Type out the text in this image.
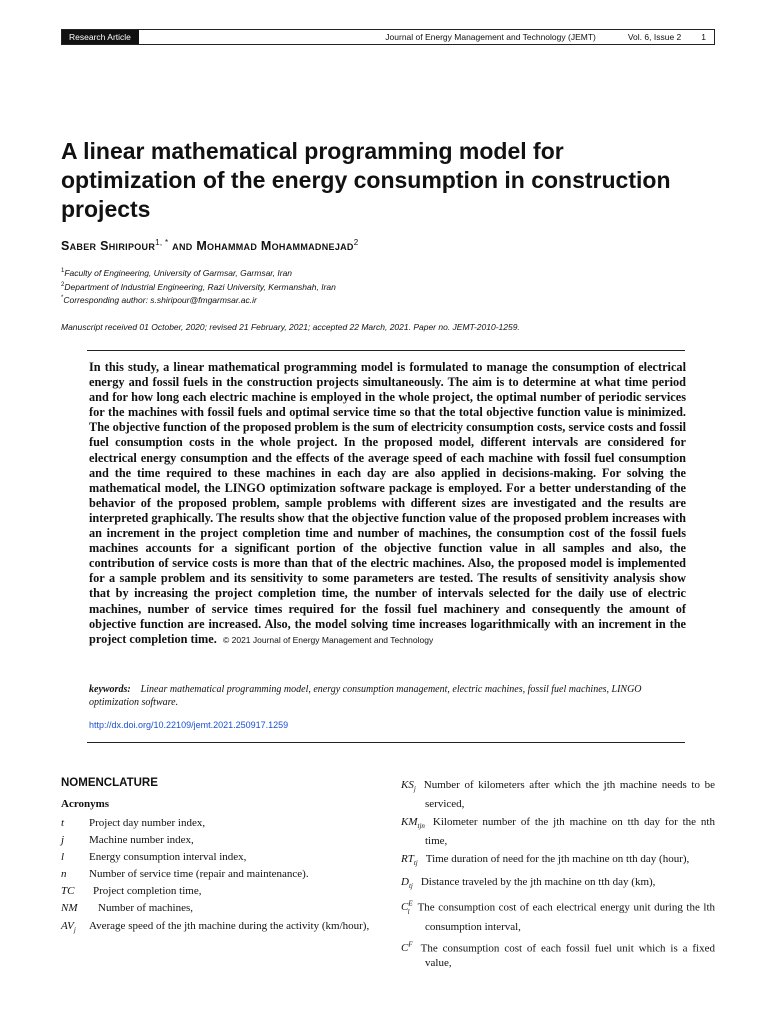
Research Article	Journal of Energy Management and Technology (JEMT)	Vol. 6, Issue 2 1
A linear mathematical programming model for optimization of the energy consumption in construction projects
Saber Shiripour$^{1, *}$ and Mohammad Mohammadnejad$^2$
$^1$Faculty of Engineering, University of Garmsar, Garmsar, Iran
$^2$Department of Industrial Engineering, Razi University, Kermanshah, Iran
*Corresponding author: s.shiripour@fmgarmsar.ac.ir
Manuscript received 01 October, 2020; revised 21 February, 2021; accepted 22 March, 2021. Paper no. JEMT-2010-1259.

In this study, a linear mathematical programming model is formulated to manage the consumption of electrical energy and fossil fuels in the construction projects simultaneously. The aim is to determine at what time period and for how long each electric machine is employed in the whole project, the optimal number of periodic services for the machines with fossil fuels and optimal service time so that the total objective function value is minimized. The objective function of the proposed problem is the sum of electricity consumption costs, service costs and fossil fuel consumption costs in the whole project. In the proposed model, different intervals are considered for electrical energy consumption and the effects of the average speed of each machine with fossil fuel consumption and the time required to these machines in each day are also applied in decisions-making. For solving the mathematical model, the LINGO optimization software package is employed. For a better understanding of the behavior of the proposed problem, sample problems with different sizes are investigated and the results are interpreted graphically. The results show that the objective function value of the proposed problem increases with an increment in the project completion time and number of machines, the consumption cost of the fossil fuels machines accounts for a significant portion of the objective function value in all samples and also, the contribution of service costs is more than that of the electric machines. Also, the proposed model is implemented for a sample problem and its sensitivity to some parameters are tested. The results of sensitivity analysis show that by increasing the project completion time, the number of intervals selected for the daily use of electric machines, number of service times required for the fossil fuel machinery and consequently the amount of objective function are increased. Also, the model solving time increases logarithmically with an increment in the project completion time. © 2021 Journal of Energy Management and Technology

keywords: Linear mathematical programming model, energy consumption management, electric machines, fossil fuel machines, LINGO optimization software.
http://dx.doi.org/10.22109/jemt.2021.250917.1259
NOMENCLATURE
Acronyms
t	Project day number index,
j	Machine number index,
l	Energy consumption interval index,
n	Number of service time (repair and maintenance).
TC	Project completion time,
NM	Number of machines,
$AV_j$	Average speed of the jth machine during the activity (km/hour),
$KS_j$ Number of kilometers after which the jth machine needs to be serviced,
$KM_{tjn}$ Kilometer number of the jth machine on tth day for the nth time,
$RT_{tj}$ Time duration of need for the jth machine on tth day (hour),
$D_{tj}$ Distance traveled by the jth machine on tth day (km),
$C^E_l$ The consumption cost of each electrical energy unit during the lth consumption interval,
$C^F$ The consumption cost of each fossil fuel unit which is a fixed value,
